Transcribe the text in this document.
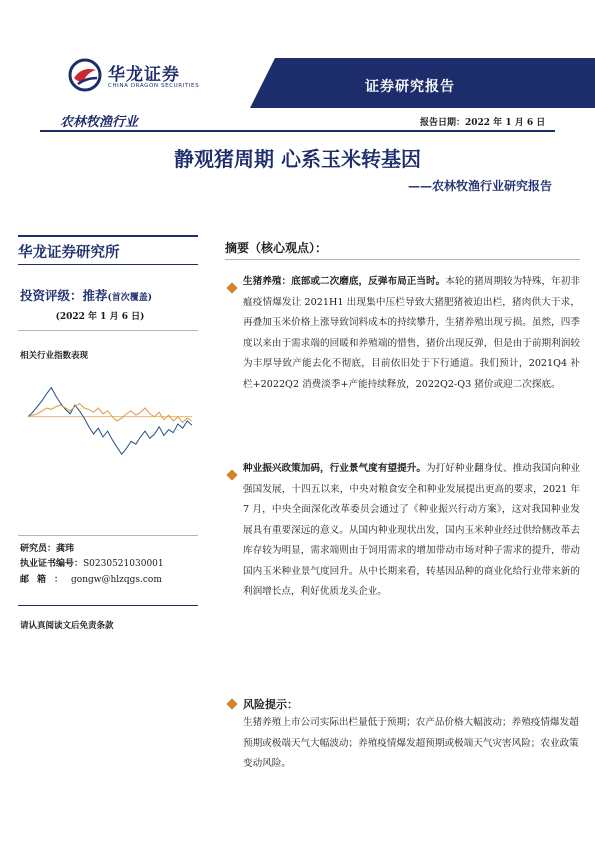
华龙证券
CHINA DRAGON SECURITIES	证券研究报告
农林牧渔行业	报告日期：2022 年 1 月 6 日
静观猪周期 心系玉米转基因
——农林牧渔行业研究报告
华龙证券研究所
投资评级：推荐(首次覆盖)
(2022 年 1 月 6 日)
相关行业指数表现
研究员：龚玮
执业证书编号：S0230521030001
邮箱：gongw@hlzqgs.com
请认真阅读文后免责条款
摘要（核心观点）：
生猪养殖：底部或二次磨底，反弹布局正当时。本轮的猪周期较为特殊，年初非瘟疫情爆发让 2021H1 出现集中压栏导致大猪肥猪被迫出栏，猪肉供大于求，再叠加玉米价格上涨导致饲料成本的持续攀升，生猪养殖出现亏损。虽然，四季度以来由于需求端的回暖和养殖端的惜售，猪价出现反弹，但是由于前期利润较为丰厚导致产能去化不彻底，目前依旧处于下行通道。我们预计，2021Q4 补栏+2022Q2 消费淡季+产能持续释放，2022Q2-Q3 猪价或迎二次探底。
种业振兴政策加码，行业景气度有望提升。为打好种业翻身仗、推动我国向种业强国发展，十四五以来，中央对粮食安全和种业发展提出更高的要求，2021 年 7 月，中央全面深化改革委员会通过了《种业振兴行动方案》，这对我国种业发展具有重要深远的意义。从国内种业现状出发，国内玉米种业经过供给侧改革去库存较为明显，需求端则由于饲用需求的增加带动市场对种子需求的提升，带动国内玉米种业景气度回升。从中长期来看，转基因品种的商业化给行业带来新的利润增长点，利好优质龙头企业。
风险提示：
生猪养殖上市公司实际出栏量低于预期；农产品价格大幅波动；养殖疫情爆发超预期或极端天气大幅波动；养殖疫情爆发超预期或极端天气灾害风险；农业政策变动风险。
